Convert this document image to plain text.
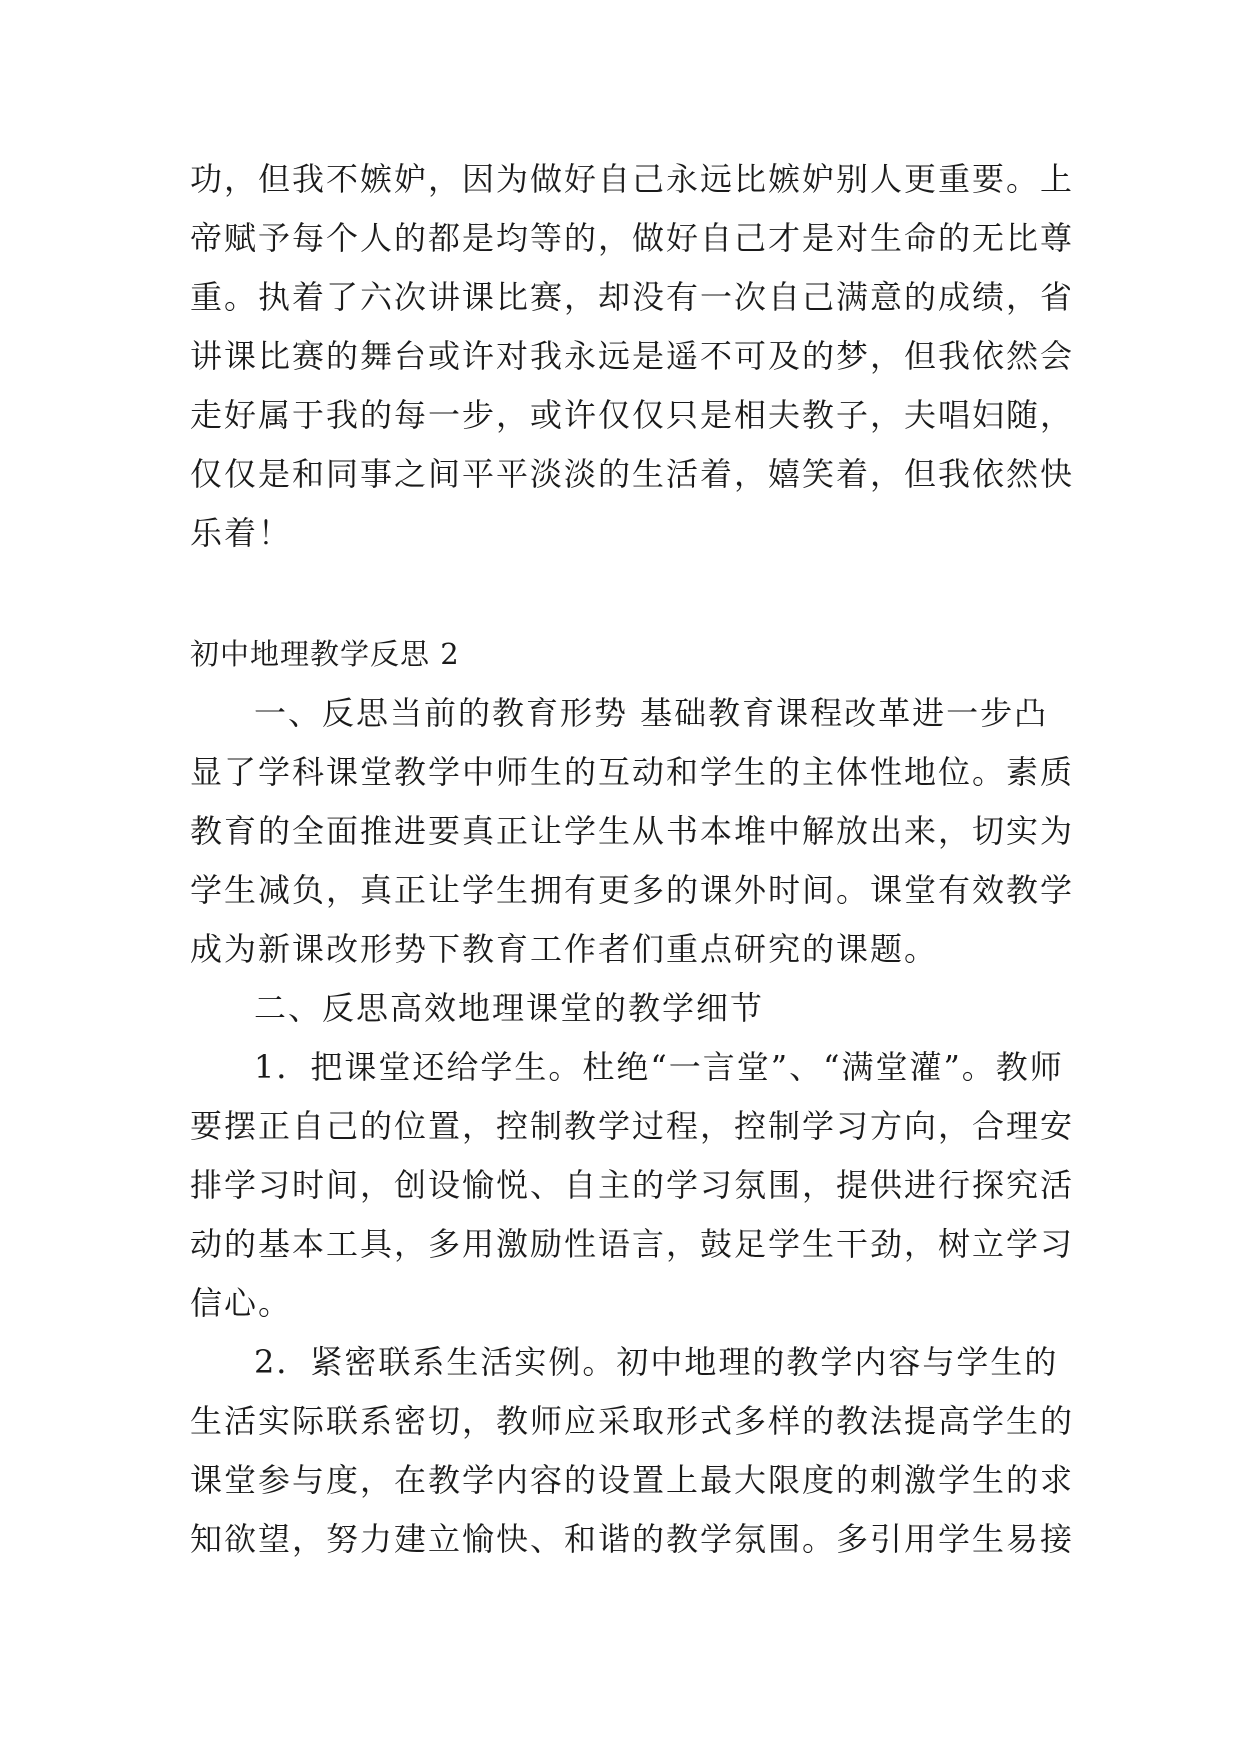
功，但我不嫉妒，因为做好自己永远比嫉妒别人更重要。上
帝赋予每个人的都是均等的，做好自己才是对生命的无比尊
重。执着了六次讲课比赛，却没有一次自己满意的成绩，省
讲课比赛的舞台或许对我永远是遥不可及的梦，但我依然会
走好属于我的每一步，或许仅仅只是相夫教子，夫唱妇随，
仅仅是和同事之间平平淡淡的生活着，嬉笑着，但我依然快
乐着！
初中地理教学反思 2
一、反思当前的教育形势 基础教育课程改革进一步凸
显了学科课堂教学中师生的互动和学生的主体性地位。素质
教育的全面推进要真正让学生从书本堆中解放出来，切实为
学生减负，真正让学生拥有更多的课外时间。课堂有效教学
成为新课改形势下教育工作者们重点研究的课题。
二、反思高效地理课堂的教学细节
1．把课堂还给学生。杜绝“一言堂”、“满堂灌”。教师
要摆正自己的位置，控制教学过程，控制学习方向，合理安
排学习时间，创设愉悦、自主的学习氛围，提供进行探究活
动的基本工具，多用激励性语言，鼓足学生干劲，树立学习
信心。
2．紧密联系生活实例。初中地理的教学内容与学生的
生活实际联系密切，教师应采取形式多样的教法提高学生的
课堂参与度，在教学内容的设置上最大限度的刺激学生的求
知欲望，努力建立愉快、和谐的教学氛围。多引用学生易接
